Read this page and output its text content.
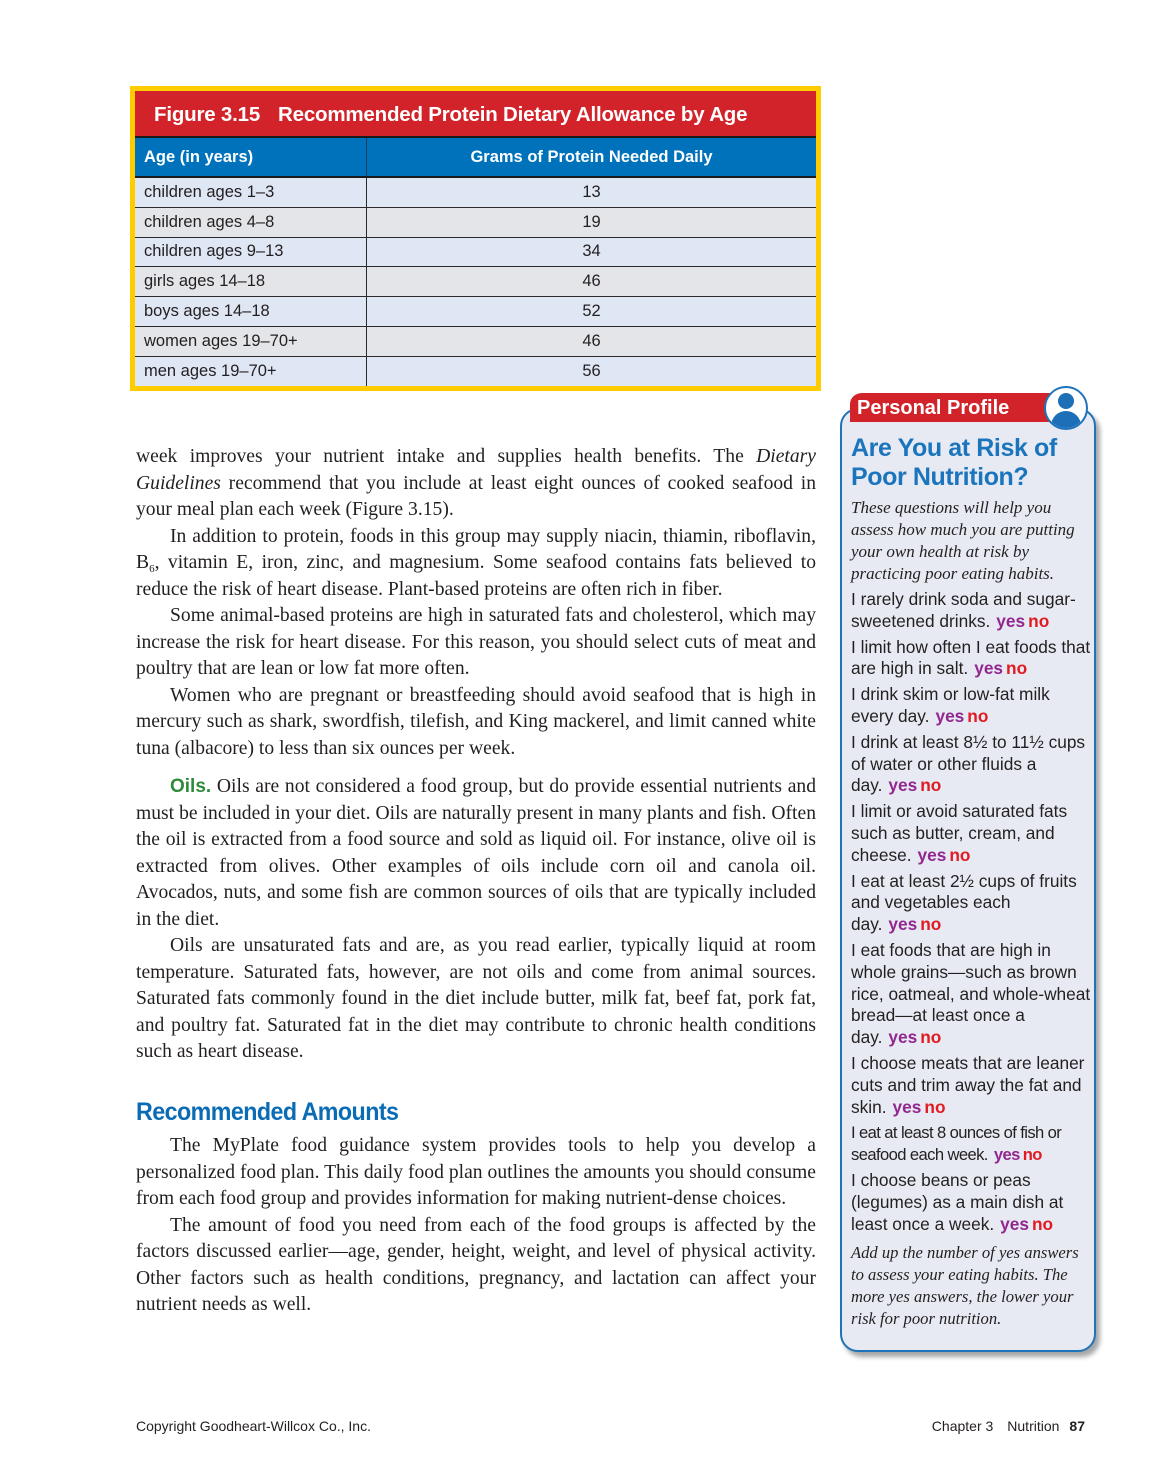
Figure 3.15 Recommended Protein Dietary Allowance by Age
Age (in years)	Grams of Protein Needed Daily
children ages 1–3	13
children ages 4–8	19
children ages 9–13	34
girls ages 14–18	46
boys ages 14–18	52
women ages 19–70+	46
men ages 19–70+	56

week improves your nutrient intake and supplies health benefits. The Dietary Guidelines recommend that you include at least eight ounces of cooked seafood in your meal plan each week (Figure 3.15).

In addition to protein, foods in this group may supply niacin, thiamin, riboflavin, $B_6$, vitamin E, iron, zinc, and magnesium. Some seafood contains fats believed to reduce the risk of heart disease. Plant-based proteins are often rich in fiber.

Some animal-based proteins are high in saturated fats and cholesterol, which may increase the risk for heart disease. For this reason, you should select cuts of meat and poultry that are lean or low fat more often.

Women who are pregnant or breastfeeding should avoid seafood that is high in mercury such as shark, swordfish, tilefish, and King mackerel, and limit canned white tuna (albacore) to less than six ounces per week.

Oils. Oils are not considered a food group, but do provide essential nutrients and must be included in your diet. Oils are naturally present in many plants and fish. Often the oil is extracted from a food source and sold as liquid oil. For instance, olive oil is extracted from olives. Other examples of oils include corn oil and canola oil. Avocados, nuts, and some fish are common sources of oils that are typically included in the diet.

Oils are unsaturated fats and are, as you read earlier, typically liquid at room temperature. Saturated fats, however, are not oils and come from animal sources. Saturated fats commonly found in the diet include butter, milk fat, beef fat, pork fat, and poultry fat. Saturated fat in the diet may contribute to chronic health conditions such as heart disease.

Recommended Amounts

The MyPlate food guidance system provides tools to help you develop a personalized food plan. This daily food plan outlines the amounts you should consume from each food group and provides information for making nutrient-dense choices.

The amount of food you need from each of the food groups is affected by the factors discussed earlier—age, gender, height, weight, and level of physical activity. Other factors such as health conditions, pregnancy, and lactation can affect your nutrient needs as well.

Personal Profile
Are You at Risk of Poor Nutrition?

These questions will help you assess how much you are putting your own health at risk by practicing poor eating habits.

I rarely drink soda and sugar-sweetened drinks. yes no

I limit how often I eat foods that are high in salt. yes no

I drink skim or low-fat milk every day. yes no

I drink at least 8½ to 11½ cups of water or other fluids a day. yes no

I limit or avoid saturated fats such as butter, cream, and cheese. yes no

I eat at least 2½ cups of fruits and vegetables each day. yes no

I eat foods that are high in whole grains—such as brown rice, oatmeal, and whole-wheat bread—at least once a day. yes no

I choose meats that are leaner cuts and trim away the fat and skin. yes no

I eat at least 8 ounces of fish or seafood each week. yes no

I choose beans or peas (legumes) as a main dish at least once a week. yes no

Add up the number of yes answers to assess your eating habits. The more yes answers, the lower your risk for poor nutrition.

Copyright Goodheart-Willcox Co., Inc.	Chapter 3 Nutrition 87
